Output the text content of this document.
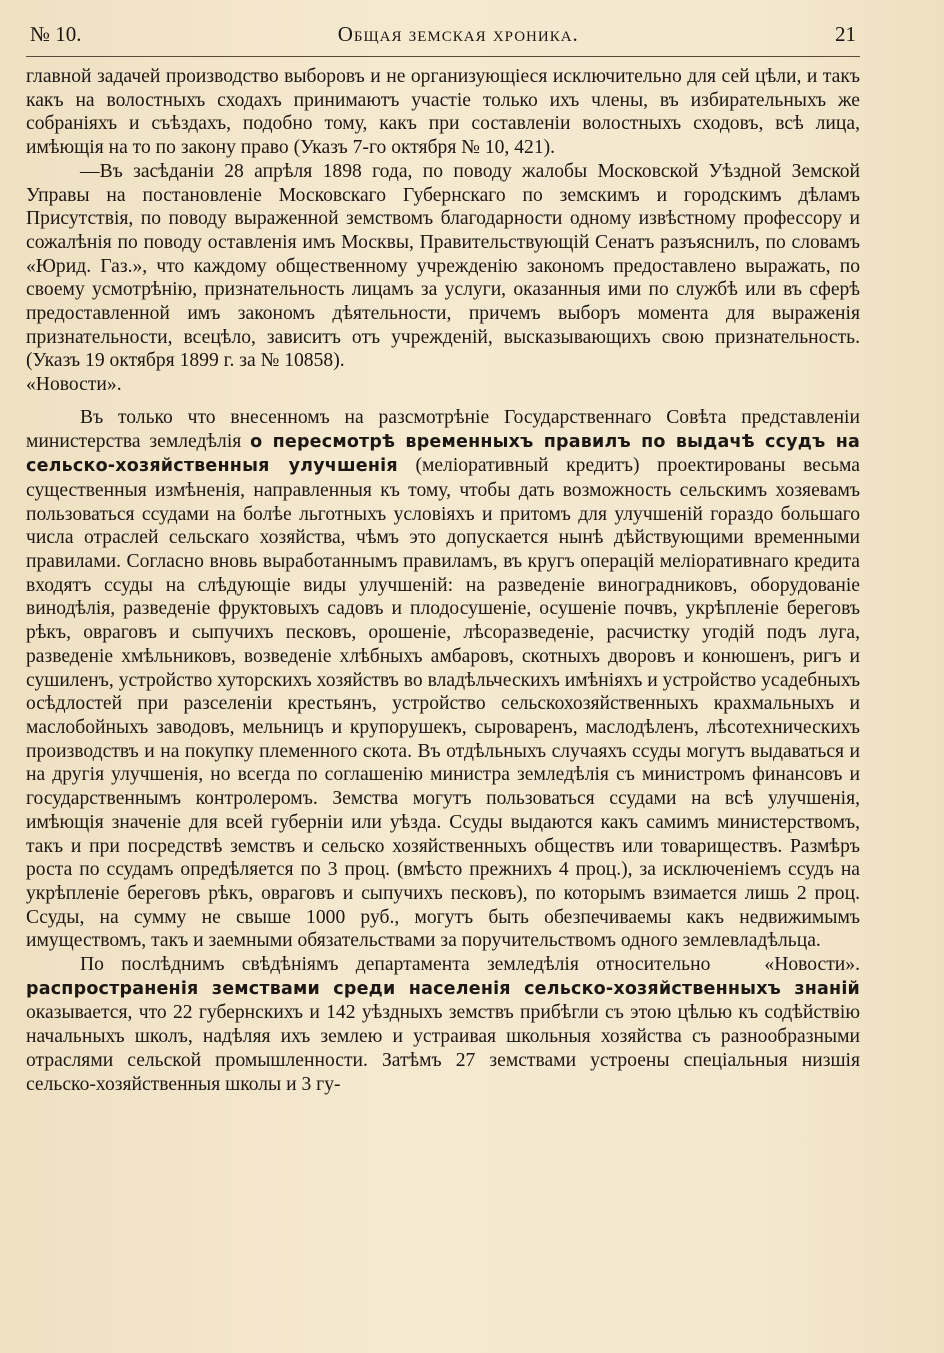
№ 10.	Общая земская хроника.	21

главной задачей производство выборовъ и не организующіеся исключительно для сей цѣли, и такъ какъ на волостныхъ сходахъ принимаютъ участіе только ихъ члены, въ избирательныхъ же собраніяхъ и съѣздахъ, подобно тому, какъ при составленіи волостныхъ сходовъ, всѣ лица, имѣющія на то по закону право (Указъ 7-го октября № 10, 421).

—Въ засѣданіи 28 апрѣля 1898 года, по поводу жалобы Московской Уѣздной Земской Управы на постановленіе Московскаго Губернскаго по земскимъ и городскимъ дѣламъ Присутствія, по поводу выраженной земствомъ благодарности одному извѣстному профессору и сожалѣнія по поводу оставленія имъ Москвы, Правительствующій Сенатъ разъяснилъ, по словамъ «Юрид. Газ.», что каждому общественному учрежденію закономъ предоставлено выражать, по своему усмотрѣнію, признательность лицамъ за услуги, оказанныя ими по службѣ или въ сферѣ предоставленной имъ закономъ дѣятельности, причемъ выборъ момента для выраженія признательности, всецѣло, зависитъ отъ учрежденій, высказывающихъ свою признательность. (Указъ 19 октября 1899 г. за № 10858).

«Новости».

Въ только что внесенномъ на разсмотрѣніе Государственнаго Совѣта представленіи министерства земледѣлія о пересмотрѣ временныхъ правилъ по выдачѣ ссудъ на сельско-хозяйственныя улучшенія (меліоративный кредитъ) проектированы весьма существенныя измѣненія, направленныя къ тому, чтобы дать возможность сельскимъ хозяевамъ пользоваться ссудами на болѣе льготныхъ условіяхъ и притомъ для улучшеній гораздо большаго числа отраслей сельскаго хозяйства, чѣмъ это допускается нынѣ дѣйствующими временными правилами. Согласно вновь выработаннымъ правиламъ, въ кругъ операцій меліоративнаго кредита входятъ ссуды на слѣдующіе виды улучшеній: на разведеніе виноградниковъ, оборудованіе винодѣлія, разведеніе фруктовыхъ садовъ и плодосушеніе, осушеніе почвъ, укрѣпленіе береговъ рѣкъ, овраговъ и сыпучихъ песковъ, орошеніе, лѣсоразведеніе, расчистку угодій подъ луга, разведеніе хмѣльниковъ, возведеніе хлѣбныхъ амбаровъ, скотныхъ дворовъ и конюшенъ, ригъ и сушиленъ, устройство хуторскихъ хозяйствъ во владѣльческихъ имѣніяхъ и устройство усадебныхъ осѣдлостей при разселеніи крестьянъ, устройство сельскохозяйственныхъ крахмальныхъ и маслобойныхъ заводовъ, мельницъ и крупорушекъ, сыроваренъ, маслодѣленъ, лѣсотехническихъ производствъ и на покупку племенного скота. Въ отдѣльныхъ случаяхъ ссуды могутъ выдаваться и на другія улучшенія, но всегда по соглашенію министра земледѣлія съ министромъ финансовъ и государственнымъ контролеромъ. Земства могутъ пользоваться ссудами на всѣ улучшенія, имѣющія значеніе для всей губерніи или уѣзда. Ссуды выдаются какъ самимъ министерствомъ, такъ и при посредствѣ земствъ и сельско хозяйственныхъ обществъ или товариществъ. Размѣръ роста по ссудамъ опредѣляется по 3 проц. (вмѣсто прежнихъ 4 проц.), за исключеніемъ ссудъ на укрѣпленіе береговъ рѣкъ, овраговъ и сыпучихъ песковъ), по которымъ взимается лишь 2 проц. Ссуды, на сумму не свыше 1000 руб., могутъ быть обезпечиваемы какъ недвижимымъ имуществомъ, такъ и заемными обязательствами за поручительствомъ одного землевладѣльца.
«Новости».

По послѣднимъ свѣдѣніямъ департамента земледѣлія относительно распространенія земствами среди населенія сельско-хозяйственныхъ знаній оказывается, что 22 губернскихъ и 142 уѣздныхъ земствъ прибѣгли съ этою цѣлью къ содѣйствію начальныхъ школъ, надѣляя ихъ землею и устраивая школьныя хозяйства съ разнообразными отраслями сельской промышленности. Затѣмъ 27 земствами устроены спеціальныя низшія сельско-хозяйственныя школы и 3 гу-
